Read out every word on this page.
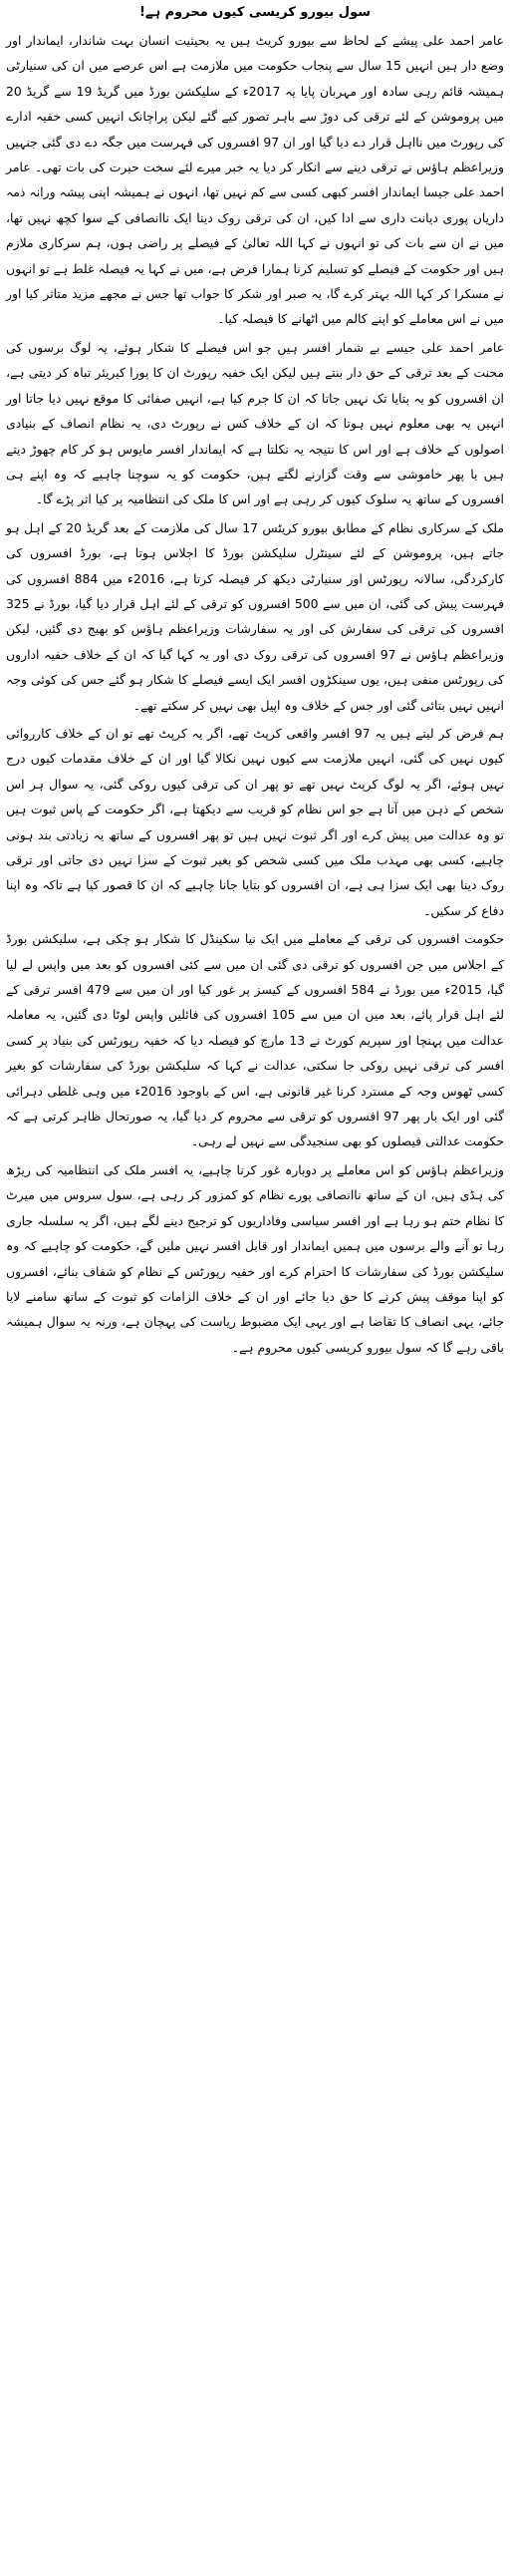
سول بیورو کریسی کیوں محروم ہے!

عامر احمد علی پیشے کے لحاظ سے بیورو کریٹ ہیں یہ بحیثیت انسان بہت شاندار، ایماندار اور وضع دار ہیں انہیں 15 سال سے پنجاب حکومت میں ملازمت ہے اس عرصے میں ان کی سنیارٹی ہمیشہ قائم رہی سادہ اور مہربان پایا یہ 2017ء کے سلیکشن بورڈ میں گریڈ 19 سے گریڈ 20 میں پروموشن کے لئے ترقی کی دوڑ سے باہر تصور کیے گئے لیکن پراچانک انہیں کسی خفیہ ادارے کی رپورٹ میں نااہل قرار دے دیا گیا اور ان 97 افسروں کی فہرست میں جگہ دے دی گئی جنہیں وزیراعظم ہاؤس نے ترقی دینے سے انکار کر دیا یہ خبر میرے لئے سخت حیرت کی بات تھی۔ عامر احمد علی جیسا ایماندار افسر کبھی کسی سے کم نہیں تھا، انہوں نے ہمیشہ اپنی پیشہ ورانہ ذمہ داریاں پوری دیانت داری سے ادا کیں، ان کی ترقی روک دینا ایک ناانصافی کے سوا کچھ نہیں تھا، میں نے ان سے بات کی تو انہوں نے کہا اللہ تعالیٰ کے فیصلے پر راضی ہوں، ہم سرکاری ملازم ہیں اور حکومت کے فیصلے کو تسلیم کرنا ہمارا فرض ہے، میں نے کہا یہ فیصلہ غلط ہے تو انہوں نے مسکرا کر کہا اللہ بہتر کرے گا، یہ صبر اور شکر کا جواب تھا جس نے مجھے مزید متاثر کیا اور میں نے اس معاملے کو اپنے کالم میں اٹھانے کا فیصلہ کیا۔

عامر احمد علی جیسے بے شمار افسر ہیں جو اس فیصلے کا شکار ہوئے، یہ لوگ برسوں کی محنت کے بعد ترقی کے حق دار بنتے ہیں لیکن ایک خفیہ رپورٹ ان کا پورا کیریئر تباہ کر دیتی ہے، ان افسروں کو یہ بتایا تک نہیں جاتا کہ ان کا جرم کیا ہے، انہیں صفائی کا موقع نہیں دیا جاتا اور انہیں یہ بھی معلوم نہیں ہوتا کہ ان کے خلاف کس نے رپورٹ دی، یہ نظام انصاف کے بنیادی اصولوں کے خلاف ہے اور اس کا نتیجہ یہ نکلتا ہے کہ ایماندار افسر مایوس ہو کر کام چھوڑ دیتے ہیں یا پھر خاموشی سے وقت گزارنے لگتے ہیں، حکومت کو یہ سوچنا چاہیے کہ وہ اپنے ہی افسروں کے ساتھ یہ سلوک کیوں کر رہی ہے اور اس کا ملک کی انتظامیہ پر کیا اثر پڑے گا۔

ملک کے سرکاری نظام کے مطابق بیورو کریٹس 17 سال کی ملازمت کے بعد گریڈ 20 کے اہل ہو جاتے ہیں، پروموشن کے لئے سینٹرل سلیکشن بورڈ کا اجلاس ہوتا ہے، بورڈ افسروں کی کارکردگی، سالانہ رپورٹس اور سنیارٹی دیکھ کر فیصلہ کرتا ہے، 2016ء میں 884 افسروں کی فہرست پیش کی گئی، ان میں سے 500 افسروں کو ترقی کے لئے اہل قرار دیا گیا، بورڈ نے 325 افسروں کی ترقی کی سفارش کی اور یہ سفارشات وزیراعظم ہاؤس کو بھیج دی گئیں، لیکن وزیراعظم ہاؤس نے 97 افسروں کی ترقی روک دی اور یہ کہا گیا کہ ان کے خلاف خفیہ اداروں کی رپورٹس منفی ہیں، یوں سینکڑوں افسر ایک ایسے فیصلے کا شکار ہو گئے جس کی کوئی وجہ انہیں نہیں بتائی گئی اور جس کے خلاف وہ اپیل بھی نہیں کر سکتے تھے۔

ہم فرض کر لیتے ہیں یہ 97 افسر واقعی کرپٹ تھے، اگر یہ کرپٹ تھے تو ان کے خلاف کارروائی کیوں نہیں کی گئی، انہیں ملازمت سے کیوں نہیں نکالا گیا اور ان کے خلاف مقدمات کیوں درج نہیں ہوئے، اگر یہ لوگ کرپٹ نہیں تھے تو پھر ان کی ترقی کیوں روکی گئی، یہ سوال ہر اس شخص کے ذہن میں آتا ہے جو اس نظام کو قریب سے دیکھتا ہے، اگر حکومت کے پاس ثبوت ہیں تو وہ عدالت میں پیش کرے اور اگر ثبوت نہیں ہیں تو پھر افسروں کے ساتھ یہ زیادتی بند ہونی چاہیے، کسی بھی مہذب ملک میں کسی شخص کو بغیر ثبوت کے سزا نہیں دی جاتی اور ترقی روک دینا بھی ایک سزا ہی ہے، ان افسروں کو بتایا جانا چاہیے کہ ان کا قصور کیا ہے تاکہ وہ اپنا دفاع کر سکیں۔

حکومت افسروں کی ترقی کے معاملے میں ایک نیا سکینڈل کا شکار ہو چکی ہے، سلیکشن بورڈ کے اجلاس میں جن افسروں کو ترقی دی گئی ان میں سے کئی افسروں کو بعد میں واپس لے لیا گیا، 2015ء میں بورڈ نے 584 افسروں کے کیسز پر غور کیا اور ان میں سے 479 افسر ترقی کے لئے اہل قرار پائے، بعد میں ان میں سے 105 افسروں کی فائلیں واپس لوٹا دی گئیں، یہ معاملہ عدالت میں پہنچا اور سپریم کورٹ نے 13 مارچ کو فیصلہ دیا کہ خفیہ رپورٹس کی بنیاد پر کسی افسر کی ترقی نہیں روکی جا سکتی، عدالت نے کہا کہ سلیکشن بورڈ کی سفارشات کو بغیر کسی ٹھوس وجہ کے مسترد کرنا غیر قانونی ہے، اس کے باوجود 2016ء میں وہی غلطی دہرائی گئی اور ایک بار پھر 97 افسروں کو ترقی سے محروم کر دیا گیا، یہ صورتحال ظاہر کرتی ہے کہ حکومت عدالتی فیصلوں کو بھی سنجیدگی سے نہیں لے رہی۔

وزیراعظم ہاؤس کو اس معاملے پر دوبارہ غور کرنا چاہیے، یہ افسر ملک کی انتظامیہ کی ریڑھ کی ہڈی ہیں، ان کے ساتھ ناانصافی پورے نظام کو کمزور کر رہی ہے، سول سروس میں میرٹ کا نظام ختم ہو رہا ہے اور افسر سیاسی وفاداریوں کو ترجیح دینے لگے ہیں، اگر یہ سلسلہ جاری رہا تو آنے والے برسوں میں ہمیں ایماندار اور قابل افسر نہیں ملیں گے، حکومت کو چاہیے کہ وہ سلیکشن بورڈ کی سفارشات کا احترام کرے اور خفیہ رپورٹس کے نظام کو شفاف بنائے، افسروں کو اپنا موقف پیش کرنے کا حق دیا جائے اور ان کے خلاف الزامات کو ثبوت کے ساتھ سامنے لایا جائے، یہی انصاف کا تقاضا ہے اور یہی ایک مضبوط ریاست کی پہچان ہے، ورنہ یہ سوال ہمیشہ باقی رہے گا کہ سول بیورو کریسی کیوں محروم ہے۔
